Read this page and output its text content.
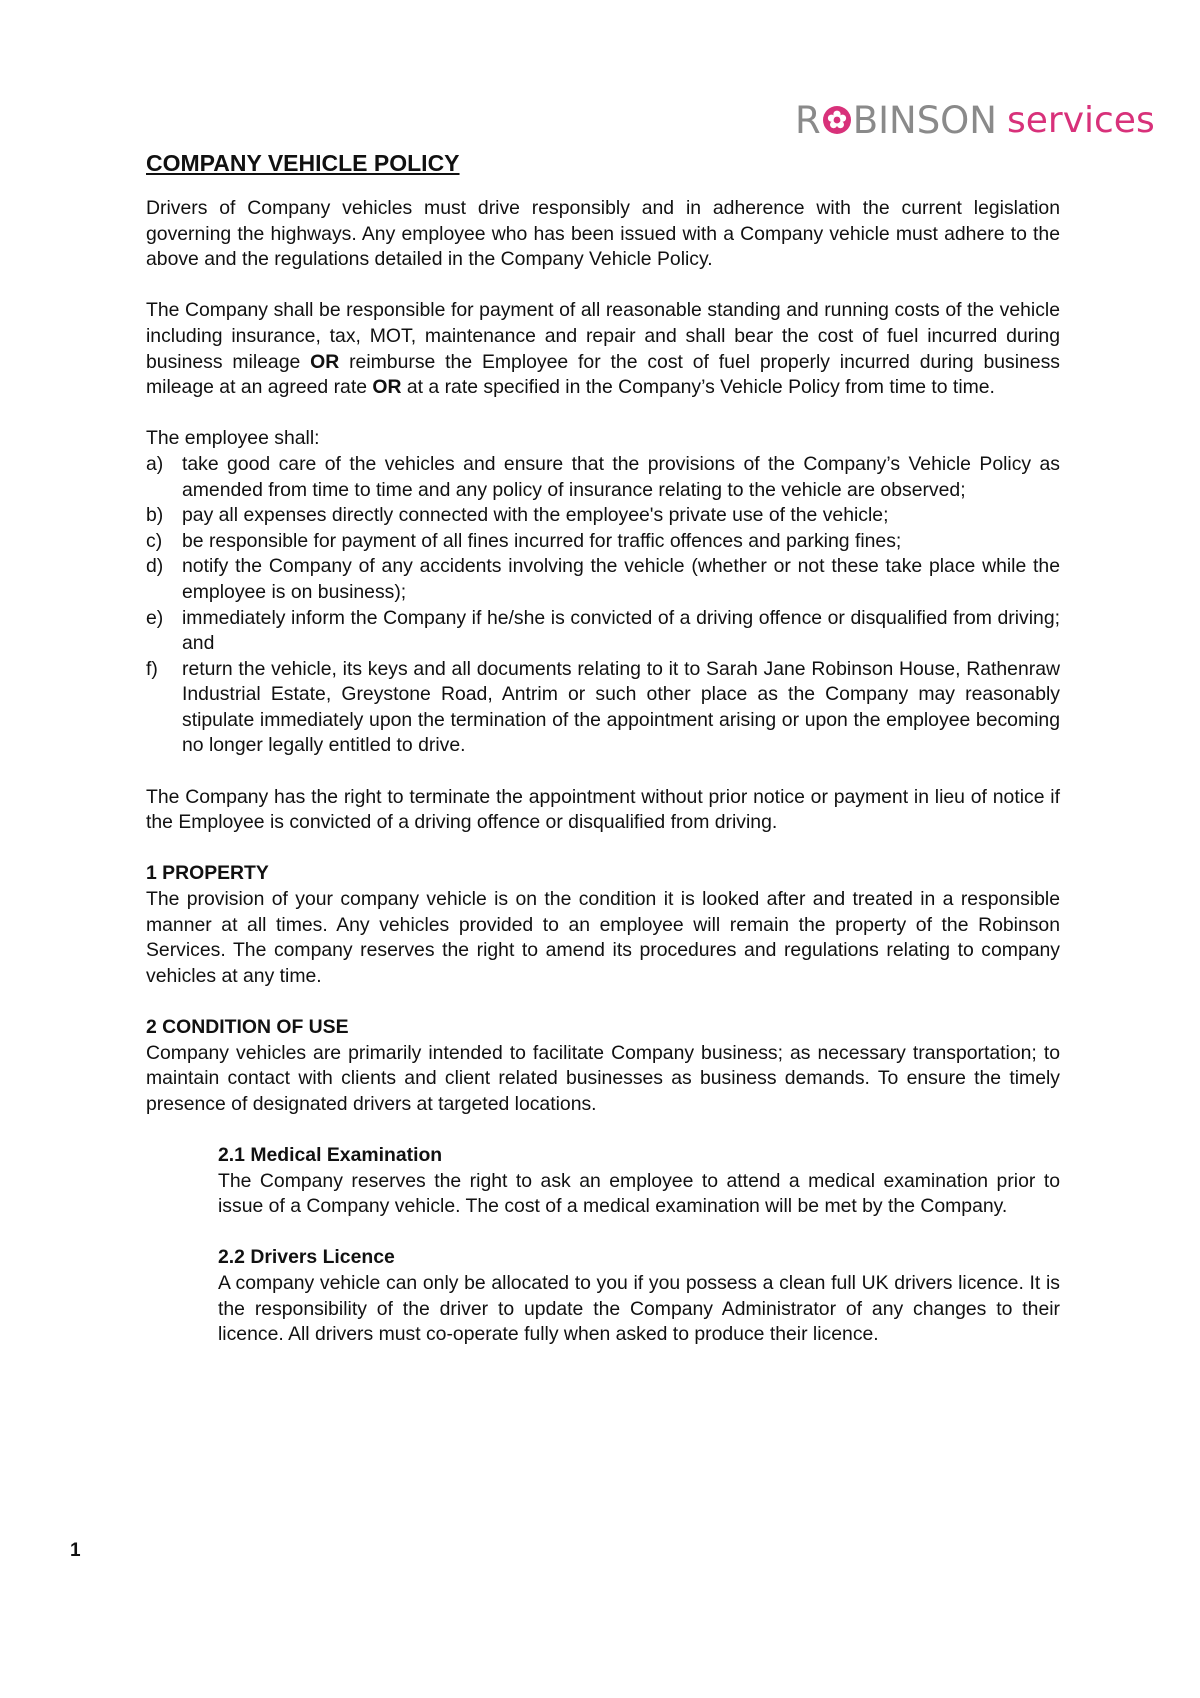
R BINSON services
COMPANY VEHICLE POLICY

Drivers of Company vehicles must drive responsibly and in adherence with the current legislation governing the highways. Any employee who has been issued with a Company vehicle must adhere to the above and the regulations detailed in the Company Vehicle Policy.

The Company shall be responsible for payment of all reasonable standing and running costs of the vehicle including insurance, tax, MOT, maintenance and repair and shall bear the cost of fuel incurred during business mileage OR reimburse the Employee for the cost of fuel properly incurred during business mileage at an agreed rate OR at a rate specified in the Company’s Vehicle Policy from time to time.

The employee shall:

a) take good care of the vehicles and ensure that the provisions of the Company’s Vehicle Policy as amended from time to time and any policy of insurance relating to the vehicle are observed;
b) pay all expenses directly connected with the employee's private use of the vehicle;
c)	be responsible for payment of all fines incurred for traffic offences and parking fines;
d) notify the Company of any accidents involving the vehicle (whether or not these take place while the employee is on business);
e) immediately inform the Company if he/she is convicted of a driving offence or disqualified from driving; and
f)	return the vehicle, its keys and all documents relating to it to Sarah Jane Robinson House, Rathenraw Industrial Estate, Greystone Road, Antrim or such other place as the Company may reasonably stipulate immediately upon the termination of the appointment arising or upon the employee becoming no longer legally entitled to drive.

The Company has the right to terminate the appointment without prior notice or payment in lieu of notice if the Employee is convicted of a driving offence or disqualified from driving.

1 PROPERTY

The provision of your company vehicle is on the condition it is looked after and treated in a responsible manner at all times. Any vehicles provided to an employee will remain the property of the Robinson Services. The company reserves the right to amend its procedures and regulations relating to company vehicles at any time.

2 CONDITION OF USE

Company vehicles are primarily intended to facilitate Company business; as necessary transportation; to maintain contact with clients and client related businesses as business demands. To ensure the timely presence of designated drivers at targeted locations.

2.1 Medical Examination

The Company reserves the right to ask an employee to attend a medical examination prior to issue of a Company vehicle. The cost of a medical examination will be met by the Company.

2.2 Drivers Licence

A company vehicle can only be allocated to you if you possess a clean full UK drivers licence. It is the responsibility of the driver to update the Company Administrator of any changes to their licence. All drivers must co-operate fully when asked to produce their licence.

1
